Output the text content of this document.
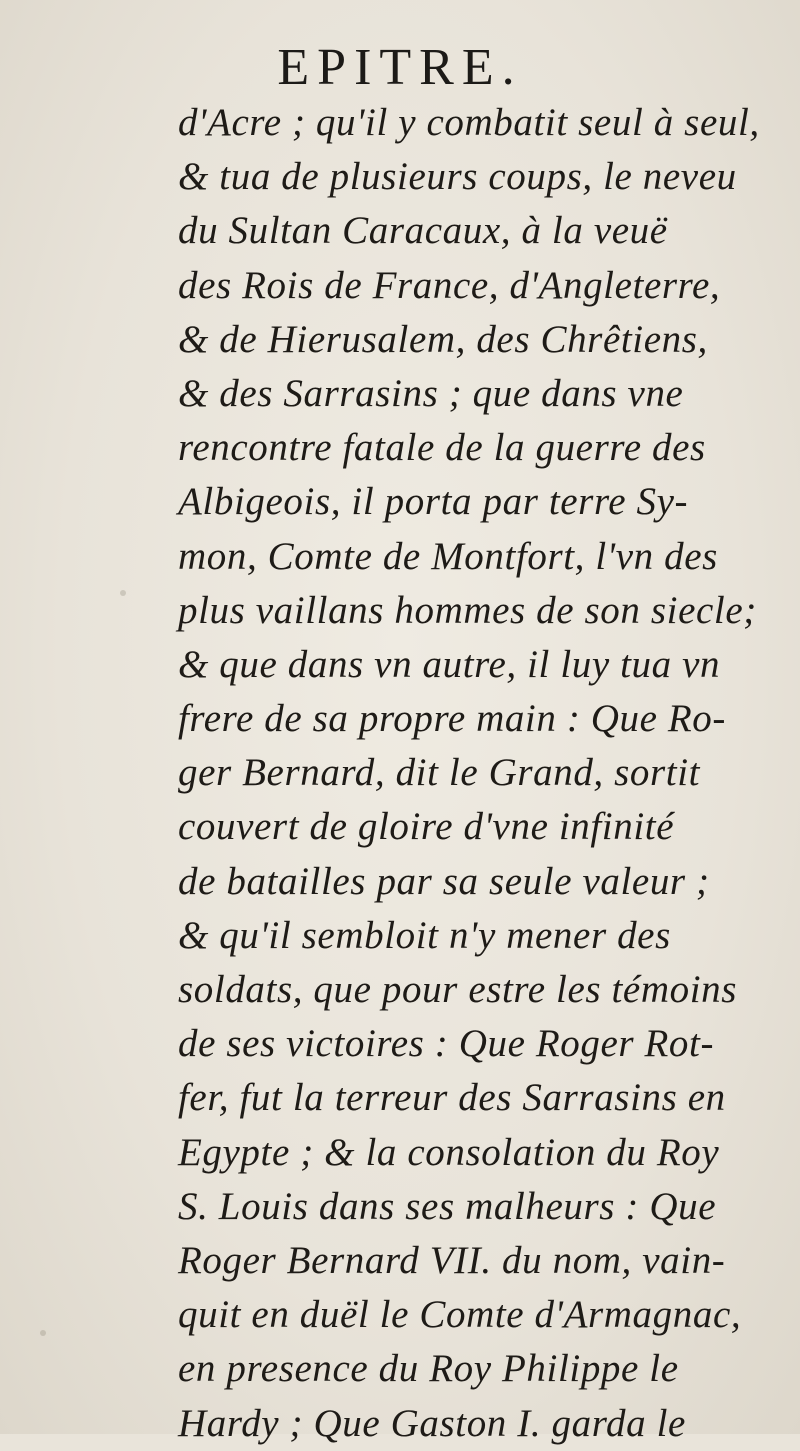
EPITRE.
d'Acre ; qu'il y combatit seul à seul,
& tua de plusieurs coups, le neveu
du Sultan Caracaux, à la veuë
des Rois de France, d'Angleterre,
& de Hierusalem, des Chrêtiens,
& des Sarrasins ; que dans vne
rencontre fatale de la guerre des
Albigeois, il porta par terre Sy-
mon, Comte de Montfort, l'vn des
plus vaillans hommes de son siecle;
& que dans vn autre, il luy tua vn
frere de sa propre main : Que Ro-
ger Bernard, dit le Grand, sortit
couvert de gloire d'vne infinité
de batailles par sa seule valeur ;
& qu'il sembloit n'y mener des
soldats, que pour estre les témoins
de ses victoires : Que Roger Rot-
fer, fut la terreur des Sarrasins en
Egypte ; & la consolation du Roy
S. Louis dans ses malheurs : Que
Roger Bernard VII. du nom, vain-
quit en duël le Comte d'Armagnac,
en presence du Roy Philippe le
Hardy ; Que Gaston I. garda le
